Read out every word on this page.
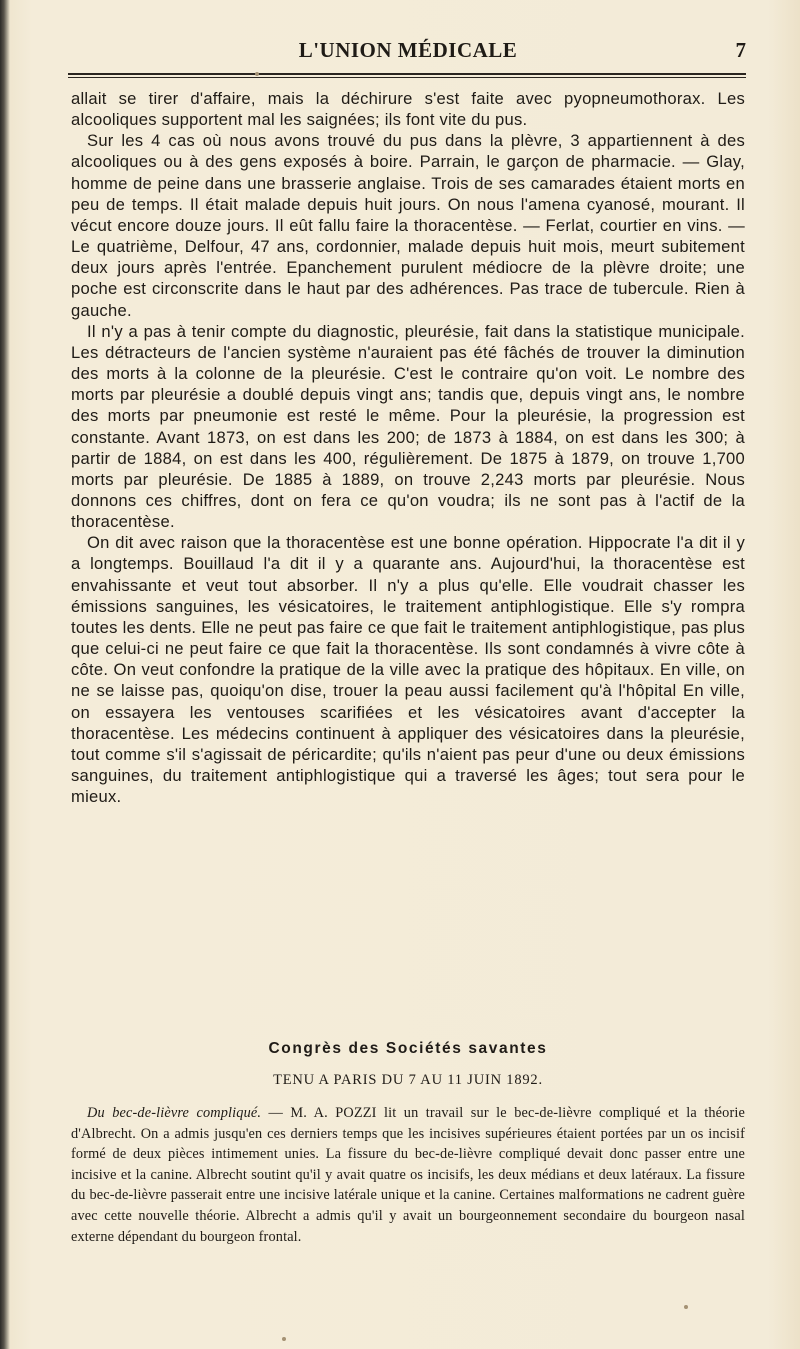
L'UNION MÉDICALE	7

allait se tirer d'affaire, mais la déchirure s'est faite avec pyopneumothorax. Les alcooliques supportent mal les saignées; ils font vite du pus.

Sur les 4 cas où nous avons trouvé du pus dans la plèvre, 3 appartiennent à des alcooliques ou à des gens exposés à boire. Parrain, le garçon de pharmacie. — Glay, homme de peine dans une brasserie anglaise. Trois de ses camarades étaient morts en peu de temps. Il était malade depuis huit jours. On nous l'amena cyanosé, mourant. Il vécut encore douze jours. Il eût fallu faire la thoracentèse. — Ferlat, courtier en vins. — Le quatrième, Delfour, 47 ans, cordonnier, malade depuis huit mois, meurt subitement deux jours après l'entrée. Epanchement purulent médiocre de la plèvre droite; une poche est circonscrite dans le haut par des adhérences. Pas trace de tubercule. Rien à gauche.

Il n'y a pas à tenir compte du diagnostic, pleurésie, fait dans la statistique municipale. Les détracteurs de l'ancien système n'auraient pas été fâchés de trouver la diminution des morts à la colonne de la pleurésie. C'est le contraire qu'on voit. Le nombre des morts par pleurésie a doublé depuis vingt ans; tandis que, depuis vingt ans, le nombre des morts par pneumonie est resté le même. Pour la pleurésie, la progression est constante. Avant 1873, on est dans les 200; de 1873 à 1884, on est dans les 300; à partir de 1884, on est dans les 400, régulièrement. De 1875 à 1879, on trouve 1,700 morts par pleurésie. De 1885 à 1889, on trouve 2,243 morts par pleurésie. Nous donnons ces chiffres, dont on fera ce qu'on voudra; ils ne sont pas à l'actif de la thoracentèse.

On dit avec raison que la thoracentèse est une bonne opération. Hippocrate l'a dit il y a longtemps. Bouillaud l'a dit il y a quarante ans. Aujourd'hui, la thoracentèse est envahissante et veut tout absorber. Il n'y a plus qu'elle. Elle voudrait chasser les émissions sanguines, les vésicatoires, le traitement antiphlogistique. Elle s'y rompra toutes les dents. Elle ne peut pas faire ce que fait le traitement antiphlogistique, pas plus que celui-ci ne peut faire ce que fait la thoracentèse. Ils sont condamnés à vivre côte à côte. On veut confondre la pratique de la ville avec la pratique des hôpitaux. En ville, on ne se laisse pas, quoiqu'on dise, trouer la peau aussi facilement qu'à l'hôpital En ville, on essayera les ventouses scarifiées et les vésicatoires avant d'accepter la thoracentèse. Les médecins continuent à appliquer des vésicatoires dans la pleurésie, tout comme s'il s'agissait de péricardite; qu'ils n'aient pas peur d'une ou deux émissions sanguines, du traitement antiphlogistique qui a traversé les âges; tout sera pour le mieux.

Congrès des Sociétés savantes
TENU A PARIS DU 7 AU 11 JUIN 1892.

Du bec-de-lièvre compliqué. — M. A. POZZI lit un travail sur le bec-de-lièvre compliqué et la théorie d'Albrecht. On a admis jusqu'en ces derniers temps que les incisives supérieures étaient portées par un os incisif formé de deux pièces intimement unies. La fissure du bec-de-lièvre compliqué devait donc passer entre une incisive et la canine. Albrecht soutint qu'il y avait quatre os incisifs, les deux médians et deux latéraux. La fissure du bec-de-lièvre passerait entre une incisive latérale unique et la canine. Certaines malformations ne cadrent guère avec cette nouvelle théorie. Albrecht a admis qu'il y avait un bourgeonnement secondaire du bourgeon nasal externe dépendant du bourgeon frontal.
